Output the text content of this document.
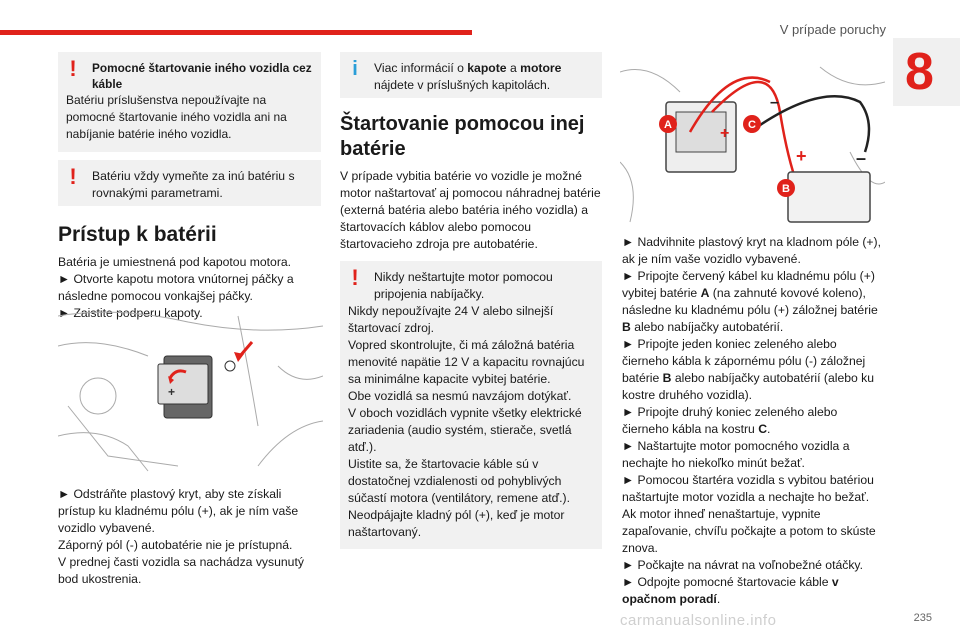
V prípade poruchy
8
!	Pomocné štartovanie iného vozidla cez káble

Batériu príslušenstva nepoužívajte na pomocné štartovanie iného vozidla ani na nabíjanie batérie iného vozidla.

! Batériu vždy vymeňte za inú batériu s rovnakými parametrami.

Prístup k batérii

Batéria je umiestnená pod kapotou motora.

► Otvorte kapotu motora vnútornej páčky a následne pomocou vonkajšej páčky.

► Zaistite podperu kapoty.

+

► Odstráňte plastový kryt, aby ste získali prístup ku kladnému pólu (+), ak je ním vaše vozidlo vybavené.

Záporný pól (-) autobatérie nie je prístupná.

V prednej časti vozidla sa nachádza vysunutý bod ukostrenia.

i	Viac informácií o kapote a motore nájdete v príslušných kapitolách.

Štartovanie pomocou inej batérie

V prípade vybitia batérie vo vozidle je možné motor naštartovať aj pomocou náhradnej batérie (externá batéria alebo batéria iného vozidla) a štartovacích káblov alebo pomocou štartovacieho zdroja pre autobatérie.

!	Nikdy neštartujte motor pomocou pripojenia nabíjačky.

Nikdy nepoužívajte 24 V alebo silnejší štartovací zdroj.

Vopred skontrolujte, či má záložná batéria menovité napätie 12 V a kapacitu rovnajúcu sa minimálne kapacite vybitej batérie.

Obe vozidlá sa nesmú navzájom dotýkať.

V oboch vozidlách vypnite všetky elektrické zariadenia (audio systém, stierače, svetlá atď.).

Uistite sa, že štartovacie káble sú v dostatočnej vzdialenosti od pohyblivých súčastí motora (ventilátory, remene atď.).

Neodpájajte kladný pól (+), keď je motor naštartovaný.

+
–
+	–
A	C
B

► Nadvihnite plastový kryt na kladnom póle (+), ak je ním vaše vozidlo vybavené.

► Pripojte červený kábel ku kladnému pólu (+) vybitej batérie A (na zahnuté kovové koleno), následne ku kladnému pólu (+) záložnej batérie B alebo nabíjačky autobatérií.

► Pripojte jeden koniec zeleného alebo čierneho kábla k zápornému pólu (-) záložnej batérie B alebo nabíjačky autobatérií (alebo ku kostre druhého vozidla).

► Pripojte druhý koniec zeleného alebo čierneho kábla na kostru C.

► Naštartujte motor pomocného vozidla a nechajte ho niekoľko minút bežať.

► Pomocou štartéra vozidla s vybitou batériou naštartujte motor vozidla a nechajte ho bežať.

Ak motor ihneď nenaštartuje, vypnite zapaľovanie, chvíľu počkajte a potom to skúste znova.

► Počkajte na návrat na voľnobežné otáčky.

► Odpojte pomocné štartovacie káble v opačnom poradí.

carmanualsonline.info	235
